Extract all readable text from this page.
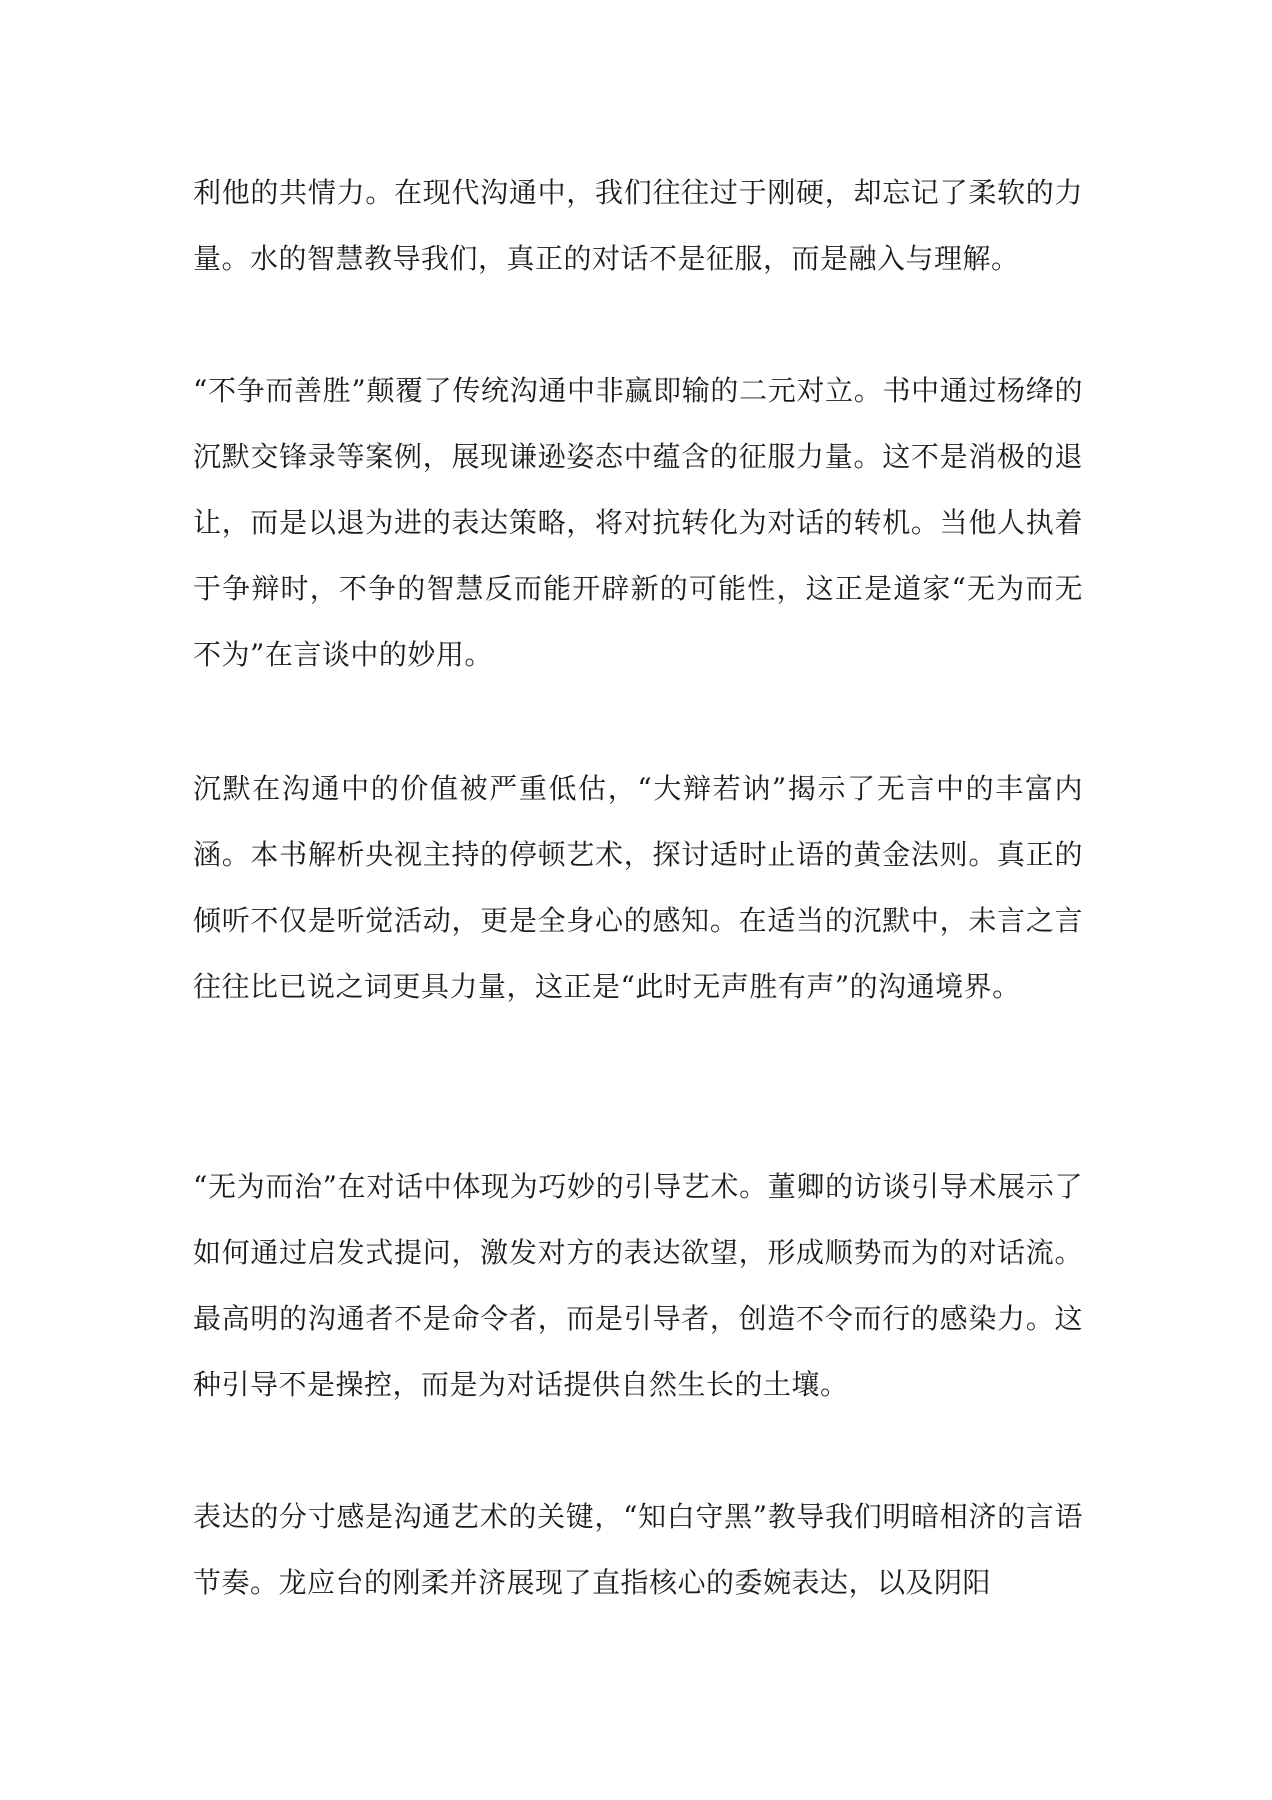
利他的共情力。在现代沟通中，我们往往过于刚硬，却忘记了柔软的力量。水的智慧教导我们，真正的对话不是征服，而是融入与理解。

“不争而善胜”颠覆了传统沟通中非赢即输的二元对立。书中通过杨绛的沉默交锋录等案例，展现谦逊姿态中蕴含的征服力量。这不是消极的退让，而是以退为进的表达策略，将对抗转化为对话的转机。当他人执着于争辩时，不争的智慧反而能开辟新的可能性，这正是道家“无为而无不为”在言谈中的妙用。

沉默在沟通中的价值被严重低估，“大辩若讷”揭示了无言中的丰富内涵。本书解析央视主持的停顿艺术，探讨适时止语的黄金法则。真正的倾听不仅是听觉活动，更是全身心的感知。在适当的沉默中，未言之言往往比已说之词更具力量，这正是“此时无声胜有声”的沟通境界。

“无为而治”在对话中体现为巧妙的引导艺术。董卿的访谈引导术展示了如何通过启发式提问，激发对方的表达欲望，形成顺势而为的对话流。最高明的沟通者不是命令者，而是引导者，创造不令而行的感染力。这种引导不是操控，而是为对话提供自然生长的土壤。

表达的分寸感是沟通艺术的关键，“知白守黑”教导我们明暗相济的言语节奏。龙应台的刚柔并济展现了直指核心的委婉表达，以及阴阳
